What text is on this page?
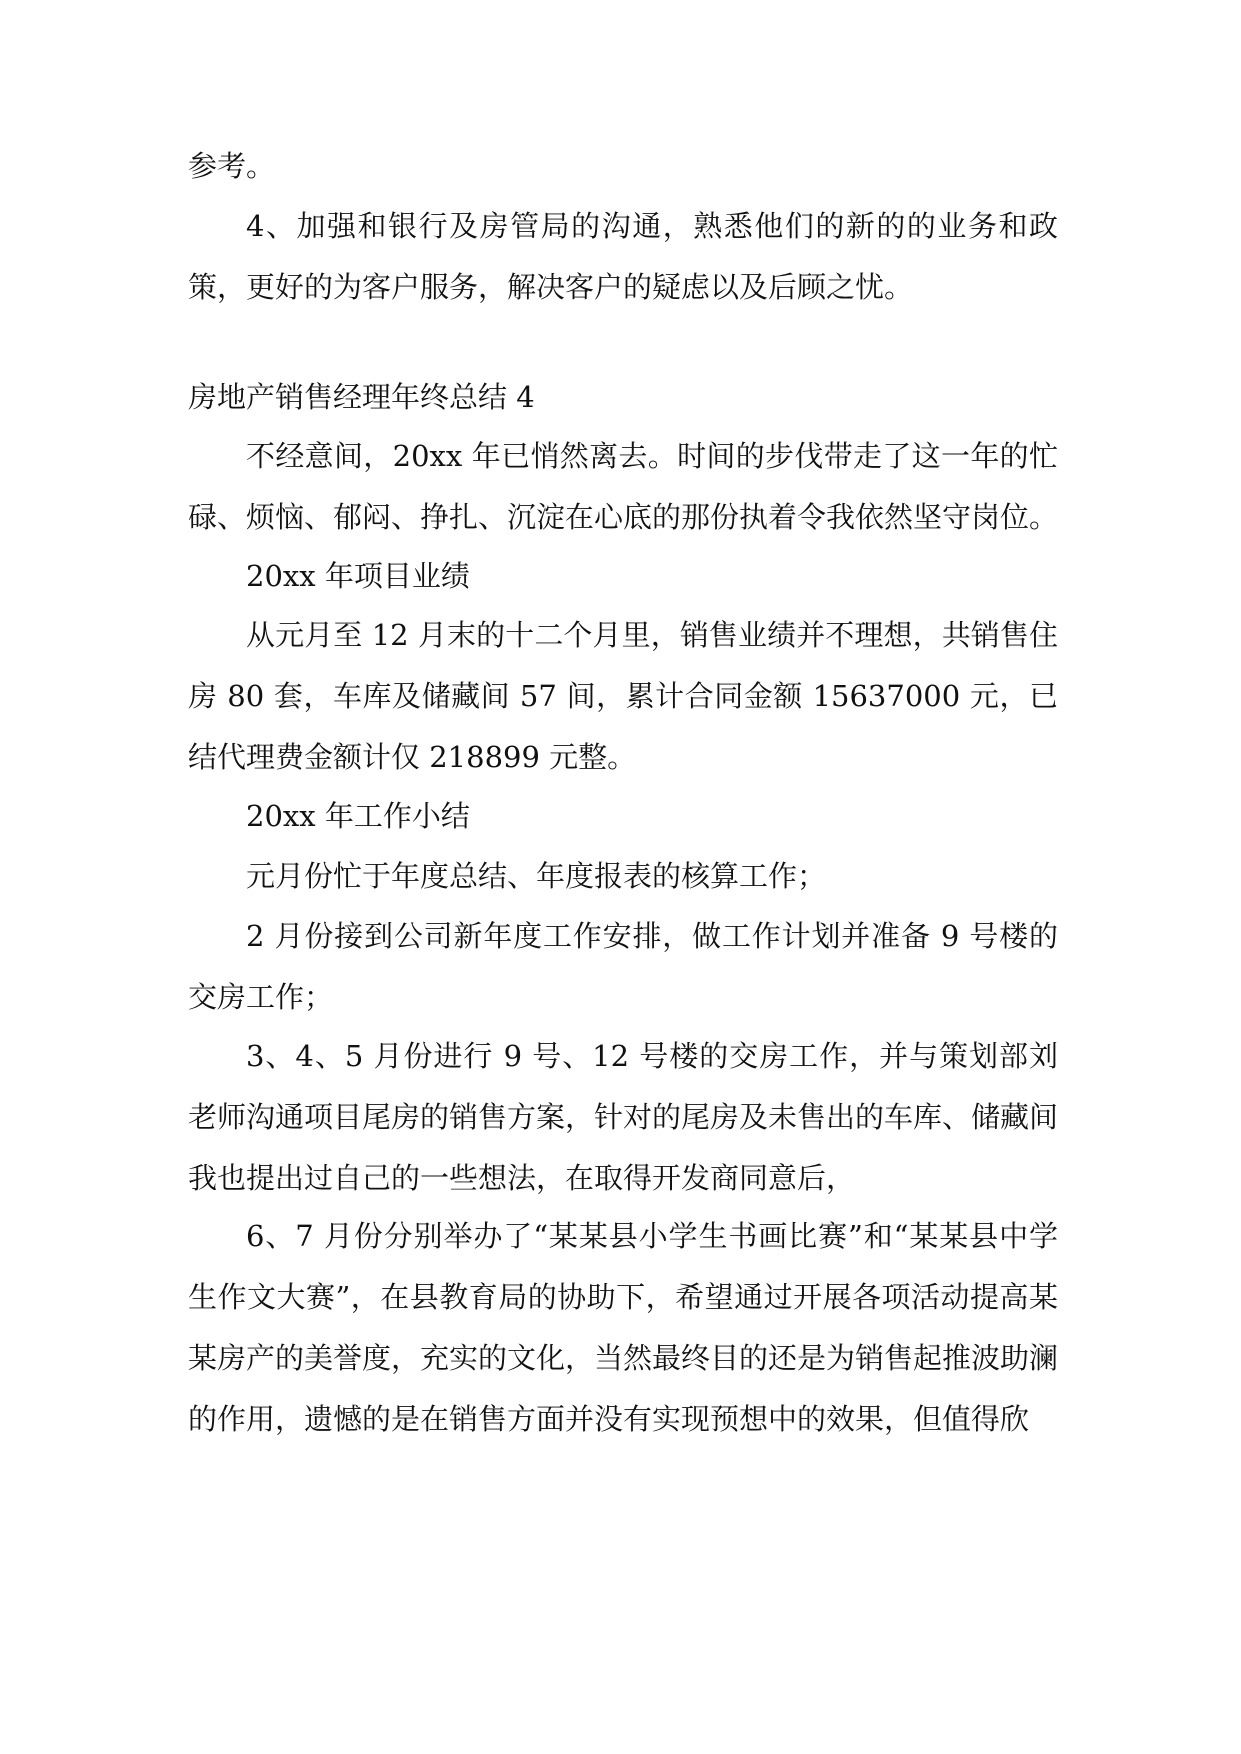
参考。

4、加强和银行及房管局的沟通，熟悉他们的新的的业务和政策，更好的为客户服务，解决客户的疑虑以及后顾之忧。

房地产销售经理年终总结 4

不经意间，20xx 年已悄然离去。时间的步伐带走了这一年的忙碌、烦恼、郁闷、挣扎、沉淀在心底的那份执着令我依然坚守岗位。

20xx 年项目业绩

从元月至 12 月末的十二个月里，销售业绩并不理想，共销售住房 80 套，车库及储藏间 57 间，累计合同金额 15637000 元，已结代理费金额计仅 218899 元整。

20xx 年工作小结

元月份忙于年度总结、年度报表的核算工作；

2 月份接到公司新年度工作安排，做工作计划并准备 9 号楼的交房工作；

3、4、5 月份进行 9 号、12 号楼的交房工作，并与策划部刘老师沟通项目尾房的销售方案，针对的尾房及未售出的车库、储藏间我也提出过自己的一些想法，在取得开发商同意后，

6、7 月份分别举办了“某某县小学生书画比赛”和“某某县中学生作文大赛”，在县教育局的协助下，希望通过开展各项活动提高某某房产的美誉度，充实的文化，当然最终目的还是为销售起推波助澜的作用，遗憾的是在销售方面并没有实现预想中的效果，但值得欣
